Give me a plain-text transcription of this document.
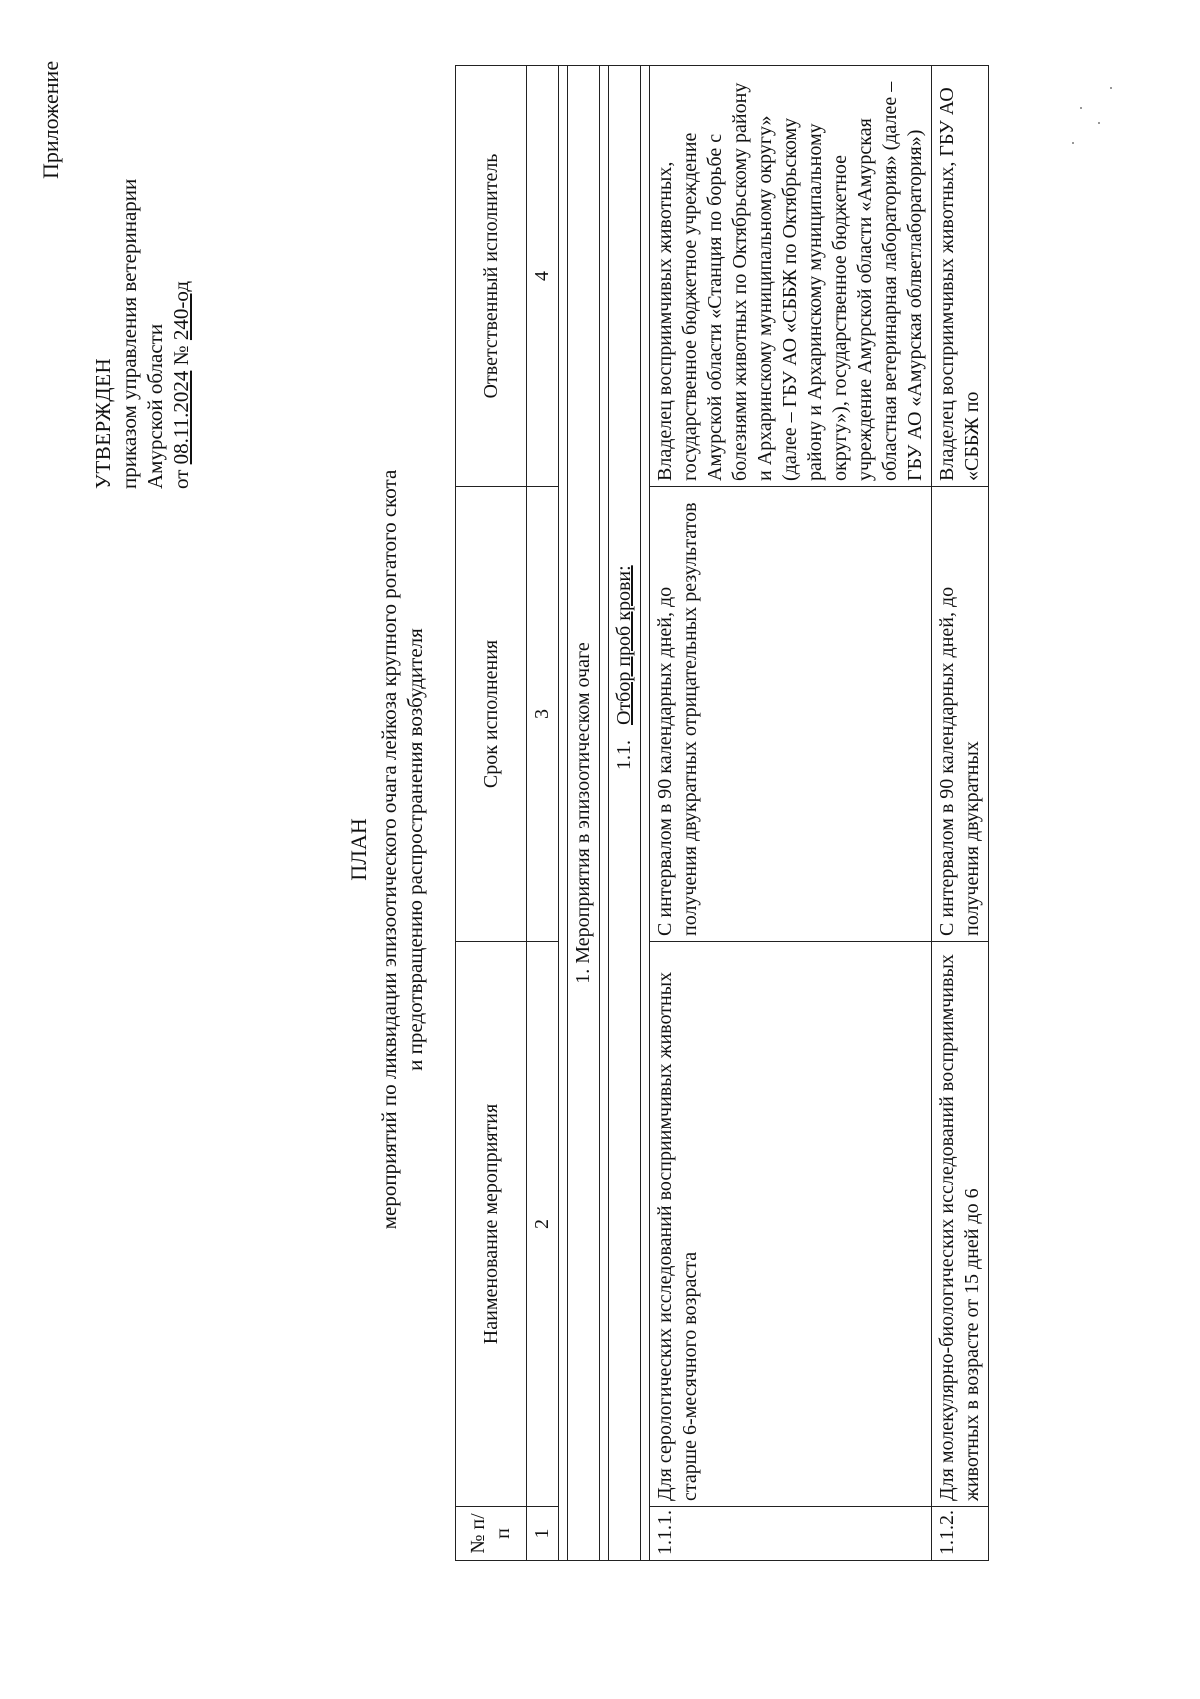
Приложение
УТВЕРЖДЕН приказом управления ветеринарии Амурской области от 08.11.2024 № 240-од
ПЛАН мероприятий по ликвидации эпизоотического очага лейкоза крупного рогатого скота и предотвращению распространения возбудителя
№ п/п	Наименование мероприятия	Срок исполнения	Ответственный исполнитель
1	2	3	4

1. Мероприятия в эпизоотическом очаге			

1.1.   Отбор проб крови:			

1.1.1.	Для серологических исследований восприимчивых животных старше 6-месячного возраста	С интервалом в 90 календарных дней, до получения двукратных отрицательных результатов	Владелец восприимчивых животных, государственное бюджетное учреждение Амурской области «Станция по борьбе с болезнями животных по Октябрьскому району и Архаринскому муниципальному округу» (далее – ГБУ АО «СББЖ по Октябрьскому району и Архаринскому муниципальному округу»), государственное бюджетное учреждение Амурской области «Амурская областная ветеринарная лаборатория» (далее – ГБУ АО «Амурская облветлаборатория»)
1.1.2.	Для молекулярно-биологических исследований восприимчивых животных в возрасте от 15 дней до 6	С интервалом в 90 календарных дней, до получения двукратных	Владелец восприимчивых животных, ГБУ АО «СББЖ по
